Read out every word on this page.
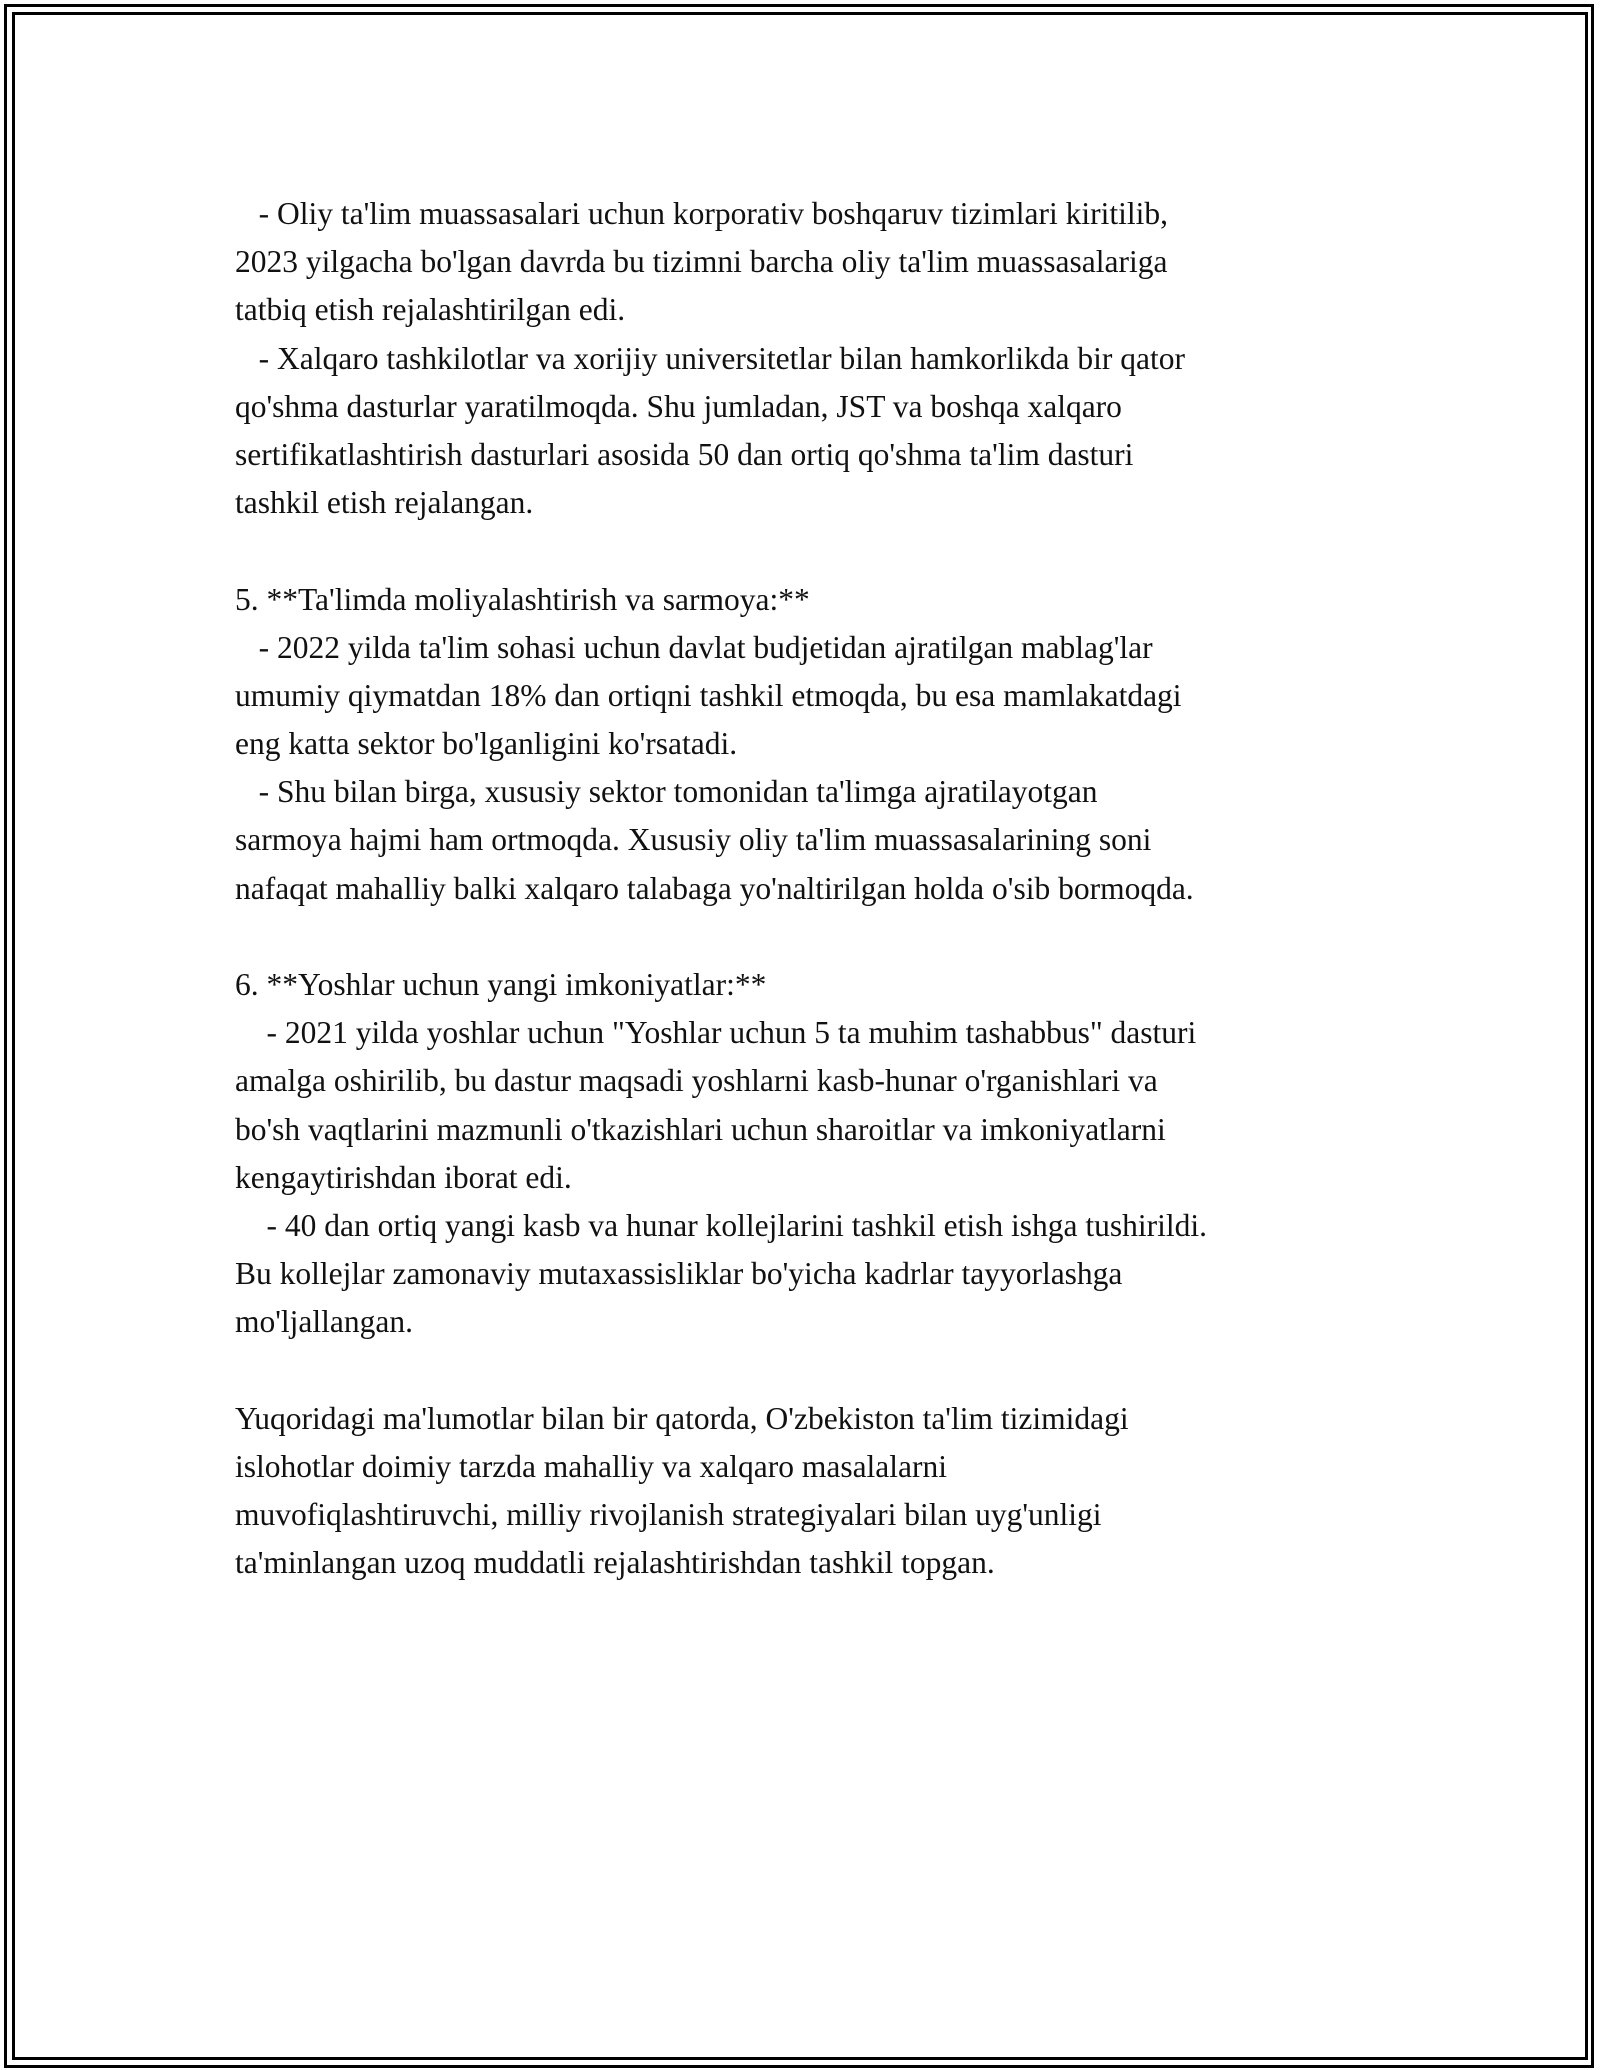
- Oliy ta'lim muassasalari uchun korporativ boshqaruv tizimlari kiritilib,
2023 yilgacha bo'lgan davrda bu tizimni barcha oliy ta'lim muassasalariga
tatbiq etish rejalashtirilgan edi.
- Xalqaro tashkilotlar va xorijiy universitetlar bilan hamkorlikda bir qator
qo'shma dasturlar yaratilmoqda. Shu jumladan, JST va boshqa xalqaro
sertifikatlashtirish dasturlari asosida 50 dan ortiq qo'shma ta'lim dasturi
tashkil etish rejalangan.
5. **Ta'limda moliyalashtirish va sarmoya:**
- 2022 yilda ta'lim sohasi uchun davlat budjetidan ajratilgan mablag'lar
umumiy qiymatdan 18% dan ortiqni tashkil etmoqda, bu esa mamlakatdagi
eng katta sektor bo'lganligini ko'rsatadi.
- Shu bilan birga, xususiy sektor tomonidan ta'limga ajratilayotgan
sarmoya hajmi ham ortmoqda. Xususiy oliy ta'lim muassasalarining soni
nafaqat mahalliy balki xalqaro talabaga yo'naltirilgan holda o'sib bormoqda.
6. **Yoshlar uchun yangi imkoniyatlar:**
- 2021 yilda yoshlar uchun "Yoshlar uchun 5 ta muhim tashabbus" dasturi
amalga oshirilib, bu dastur maqsadi yoshlarni kasb-hunar o'rganishlari va
bo'sh vaqtlarini mazmunli o'tkazishlari uchun sharoitlar va imkoniyatlarni
kengaytirishdan iborat edi.
- 40 dan ortiq yangi kasb va hunar kollejlarini tashkil etish ishga tushirildi.
Bu kollejlar zamonaviy mutaxassisliklar bo'yicha kadrlar tayyorlashga
mo'ljallangan.
Yuqoridagi ma'lumotlar bilan bir qatorda, O'zbekiston ta'lim tizimidagi
islohotlar doimiy tarzda mahalliy va xalqaro masalalarni
muvofiqlashtiruvchi, milliy rivojlanish strategiyalari bilan uyg'unligi
ta'minlangan uzoq muddatli rejalashtirishdan tashkil topgan.
